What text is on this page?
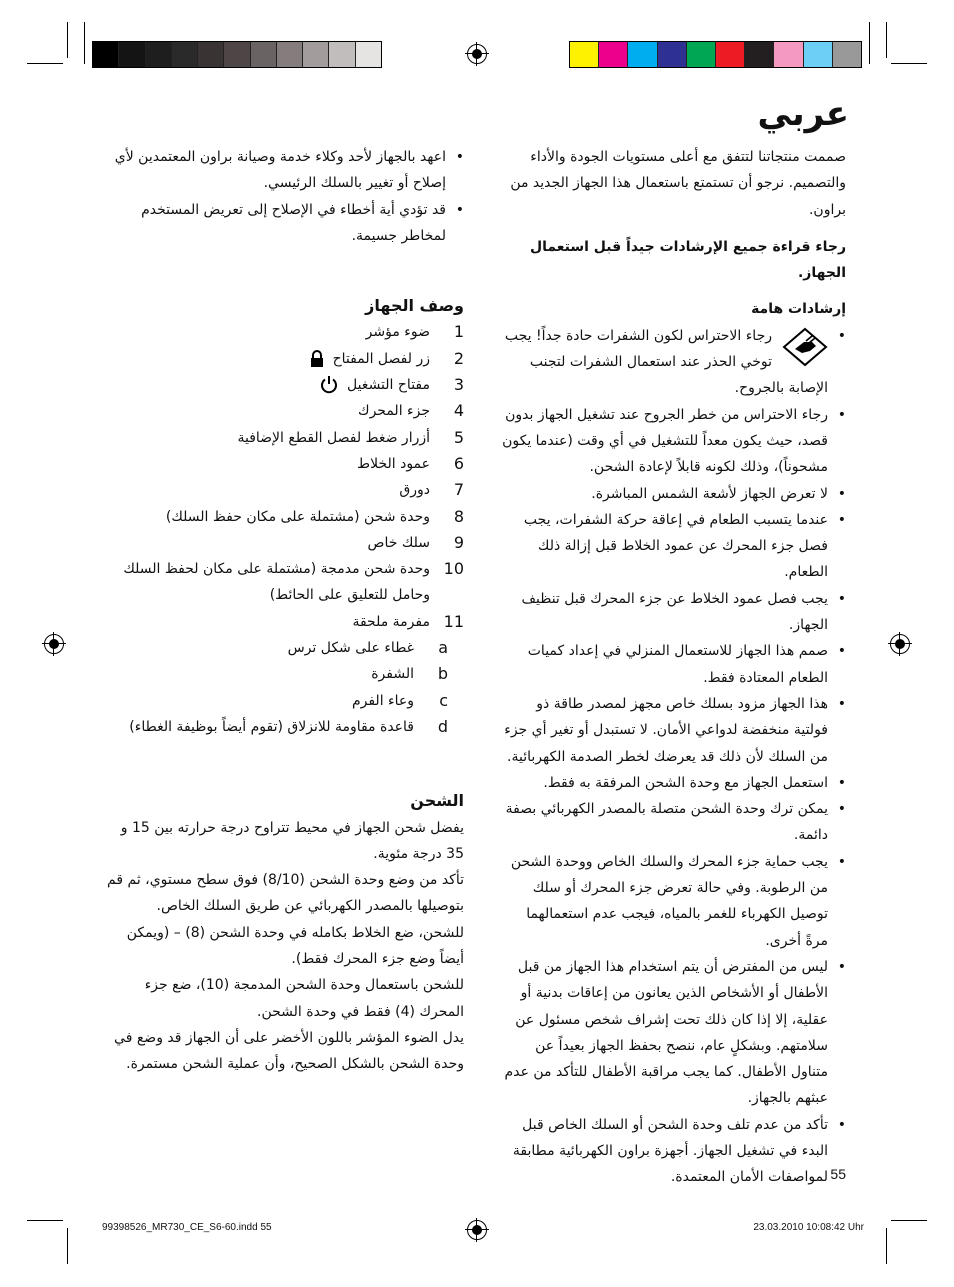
عربي

صممت منتجاتنا لتتفق مع أعلى مستويات الجودة والأداء والتصميم. نرجو أن تستمتع باستعمال هذا الجهاز الجديد من براون.

رجاء قراءة جميع الإرشادات جيداً قبل استعمال الجهاز.

إرشادات هامة

• رجاء الاحتراس لكون الشفرات حادة جداً! يجب توخي الحذر عند استعمال الشفرات لتجنب الإصابة بالجروح.
• رجاء الاحتراس من خطر الجروح عند تشغيل الجهاز بدون قصد، حيث يكون معداً للتشغيل في أي وقت (عندما يكون مشحوناً)، وذلك لكونه قابلاً لإعادة الشحن.
• لا تعرض الجهاز لأشعة الشمس المباشرة.
• عندما يتسبب الطعام في إعاقة حركة الشفرات، يجب فصل جزء المحرك عن عمود الخلاط قبل إزالة ذلك الطعام.
• يجب فصل عمود الخلاط عن جزء المحرك قبل تنظيف الجهاز.
• صمم هذا الجهاز للاستعمال المنزلي في إعداد كميات الطعام المعتادة فقط.
• هذا الجهاز مزود بسلك خاص مجهز لمصدر طاقة ذو فولتية منخفضة لدواعي الأمان. لا تستبدل أو تغير أي جزء من السلك لأن ذلك قد يعرضك لخطر الصدمة الكهربائية.
• استعمل الجهاز مع وحدة الشحن المرفقة به فقط.
• يمكن ترك وحدة الشحن متصلة بالمصدر الكهربائي بصفة دائمة.
• يجب حماية جزء المحرك والسلك الخاص ووحدة الشحن من الرطوبة. وفي حالة تعرض جزء المحرك أو سلك توصيل الكهرباء للغمر بالمياه، فيجب عدم استعمالهما مرةً أخرى.
• ليس من المفترض أن يتم استخدام هذا الجهاز من قبل الأطفال أو الأشخاص الذين يعانون من إعاقات بدنية أو عقلية، إلا إذا كان ذلك تحت إشراف شخص مسئول عن سلامتهم. وبشكلٍ عام، ننصح بحفظ الجهاز بعيداً عن متناول الأطفال. كما يجب مراقبة الأطفال للتأكد من عدم عبثهم بالجهاز.
• تأكد من عدم تلف وحدة الشحن أو السلك الخاص قبل البدء في تشغيل الجهاز. أجهزة براون الكهربائية مطابقة لمواصفات الأمان المعتمدة.
• اعهد بالجهاز لأحد وكلاء خدمة وصيانة براون المعتمدين لأي إصلاح أو تغيير بالسلك الرئيسي.
• قد تؤدي أية أخطاء في الإصلاح إلى تعريض المستخدم لمخاطر جسيمة.

وصف الجهاز

1
ضوء مؤشر
2
زر لفصل المفتاح
3
مفتاح التشغيل
4
جزء المحرك
5
أزرار ضغط لفصل القطع الإضافية
6
عمود الخلاط
7
دورق
8
وحدة شحن (مشتملة على مكان حفظ السلك)
9
سلك خاص
10
وحدة شحن مدمجة (مشتملة على مكان لحفظ السلك وحامل للتعليق على الحائط)
11
مفرمة ملحقة
a
غطاء على شكل ترس
b
الشفرة
c
وعاء الفرم
d
قاعدة مقاومة للانزلاق (تقوم أيضاً بوظيفة الغطاء)

الشحن

يفضل شحن الجهاز في محيط تتراوح درجة حرارته بين 15 و 35 درجة مئوية.

تأكد من وضع وحدة الشحن (8/10) فوق سطح مستوي، ثم قم بتوصيلها بالمصدر الكهربائي عن طريق السلك الخاص.

للشحن، ضع الخلاط بكامله في وحدة الشحن (8) – (ويمكن أيضاً وضع جزء المحرك فقط).

للشحن باستعمال وحدة الشحن المدمجة (10)، ضع جزء المحرك (4) فقط في وحدة الشحن.

يدل الضوء المؤشر باللون الأخضر على أن الجهاز قد وضع في وحدة الشحن بالشكل الصحيح، وأن عملية الشحن مستمرة.

55
99398526_MR730_CE_S6-60.indd 55	23.03.2010 10:08:42 Uhr
